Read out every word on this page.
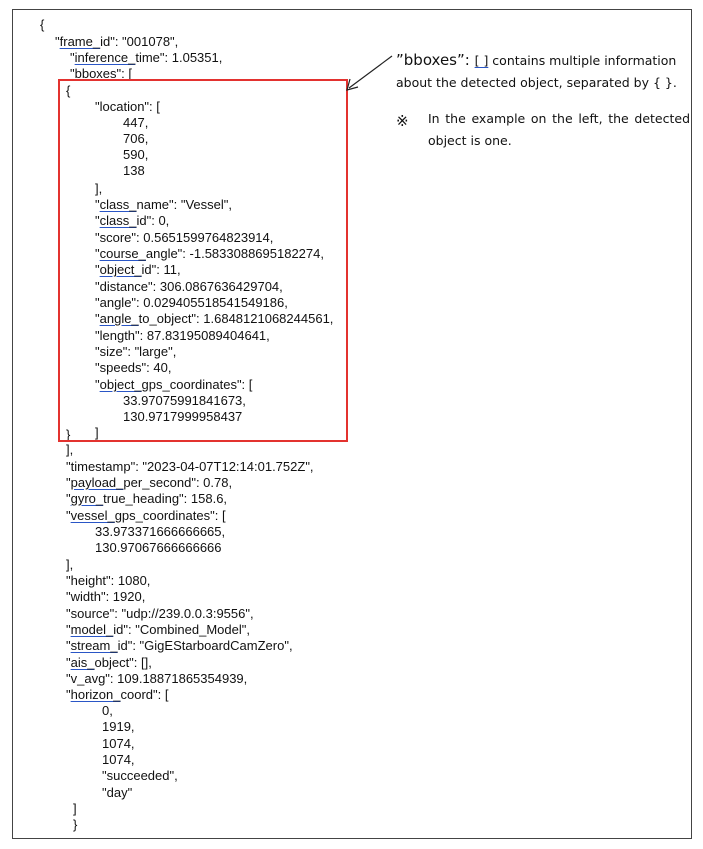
{
"frame_id": "001078",
"inference_time": 1.05351,
"bboxes": [
{
"location": [
447,
706,
590,
138
],
"class_name": "Vessel",
"class_id": 0,
"score": 0.5651599764823914,
"course_angle": -1.5833088695182274,
"object_id": 11,
"distance": 306.0867636429704,
"angle": 0.029405518541549186,
"angle_to_object": 1.6848121068244561,
"length": 87.83195089404641,
"size": "large",
"speeds": 40,
"object_gps_coordinates": [
33.97075991841673,
130.9717999958437
]
}
],
"timestamp": "2023-04-07T12:14:01.752Z",
"payload_per_second": 0.78,
"gyro_true_heading": 158.6,
"vessel_gps_coordinates": [
33.973371666666665,
130.97067666666666
],
"height": 1080,
"width": 1920,
"source": "udp://239.0.0.3:9556",
"model_id": "Combined_Model",
"stream_id": "GigEStarboardCamZero",
"ais_object": [],
"v_avg": 109.18871865354939,
"horizon_coord": [
0,
1919,
1074,
1074,
"succeeded",
"day"
]
}
”bboxes”: [ ] contains multiple information about the detected object, separated by { }.
※ In the example on the left, the detected object is one.
